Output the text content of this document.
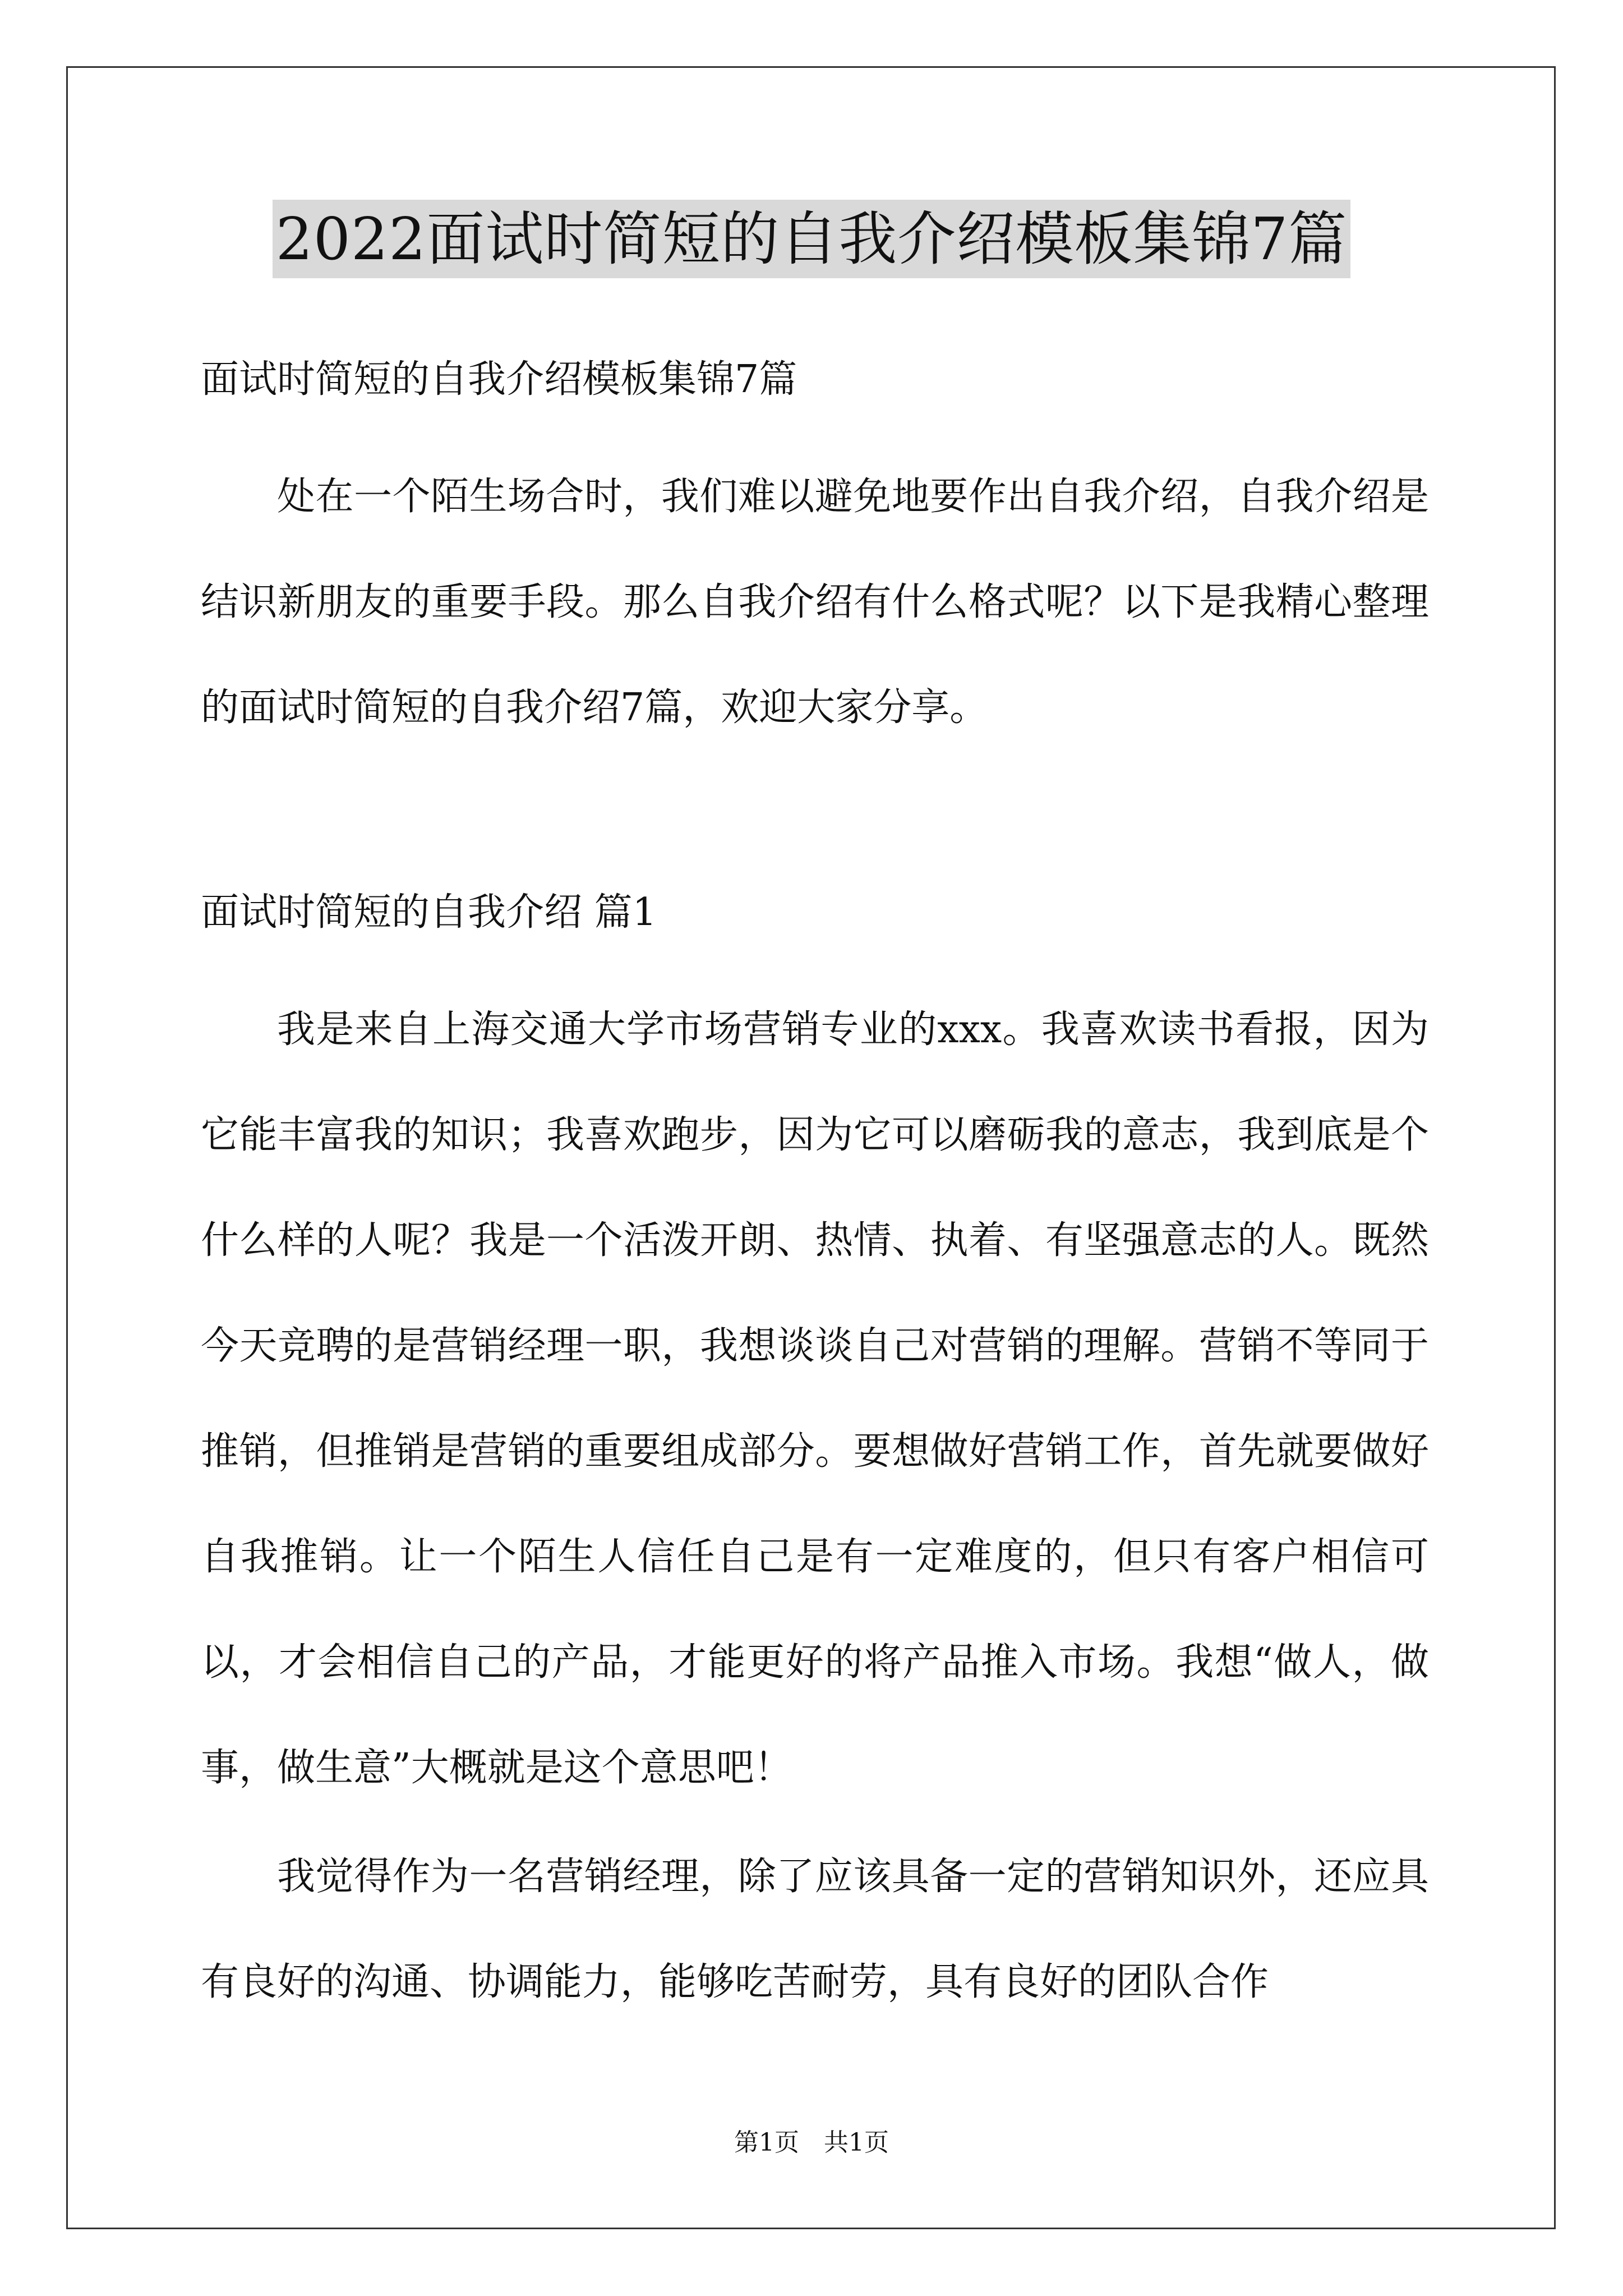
2022面试时简短的自我介绍模板集锦7篇
面试时简短的自我介绍模板集锦7篇

处在一个陌生场合时，我们难以避免地要作出自我介绍，自我介绍是结识新朋友的重要手段。那么自我介绍有什么格式呢？以下是我精心整理的面试时简短的自我介绍7篇，欢迎大家分享。

面试时简短的自我介绍 篇1

我是来自上海交通大学市场营销专业的xxx。我喜欢读书看报，因为它能丰富我的知识；我喜欢跑步，因为它可以磨砺我的意志，我到底是个什么样的人呢？我是一个活泼开朗、热情、执着、有坚强意志的人。既然今天竞聘的是营销经理一职，我想谈谈自己对营销的理解。营销不等同于推销，但推销是营销的重要组成部分。要想做好营销工作，首先就要做好自我推销。让一个陌生人信任自己是有一定难度的，但只有客户相信可以，才会相信自己的产品，才能更好的将产品推入市场。我想“做人，做事，做生意”大概就是这个意思吧！

我觉得作为一名营销经理，除了应该具备一定的营销知识外，还应具有良好的沟通、协调能力，能够吃苦耐劳，具有良好的团队合作

第1页　共1页
